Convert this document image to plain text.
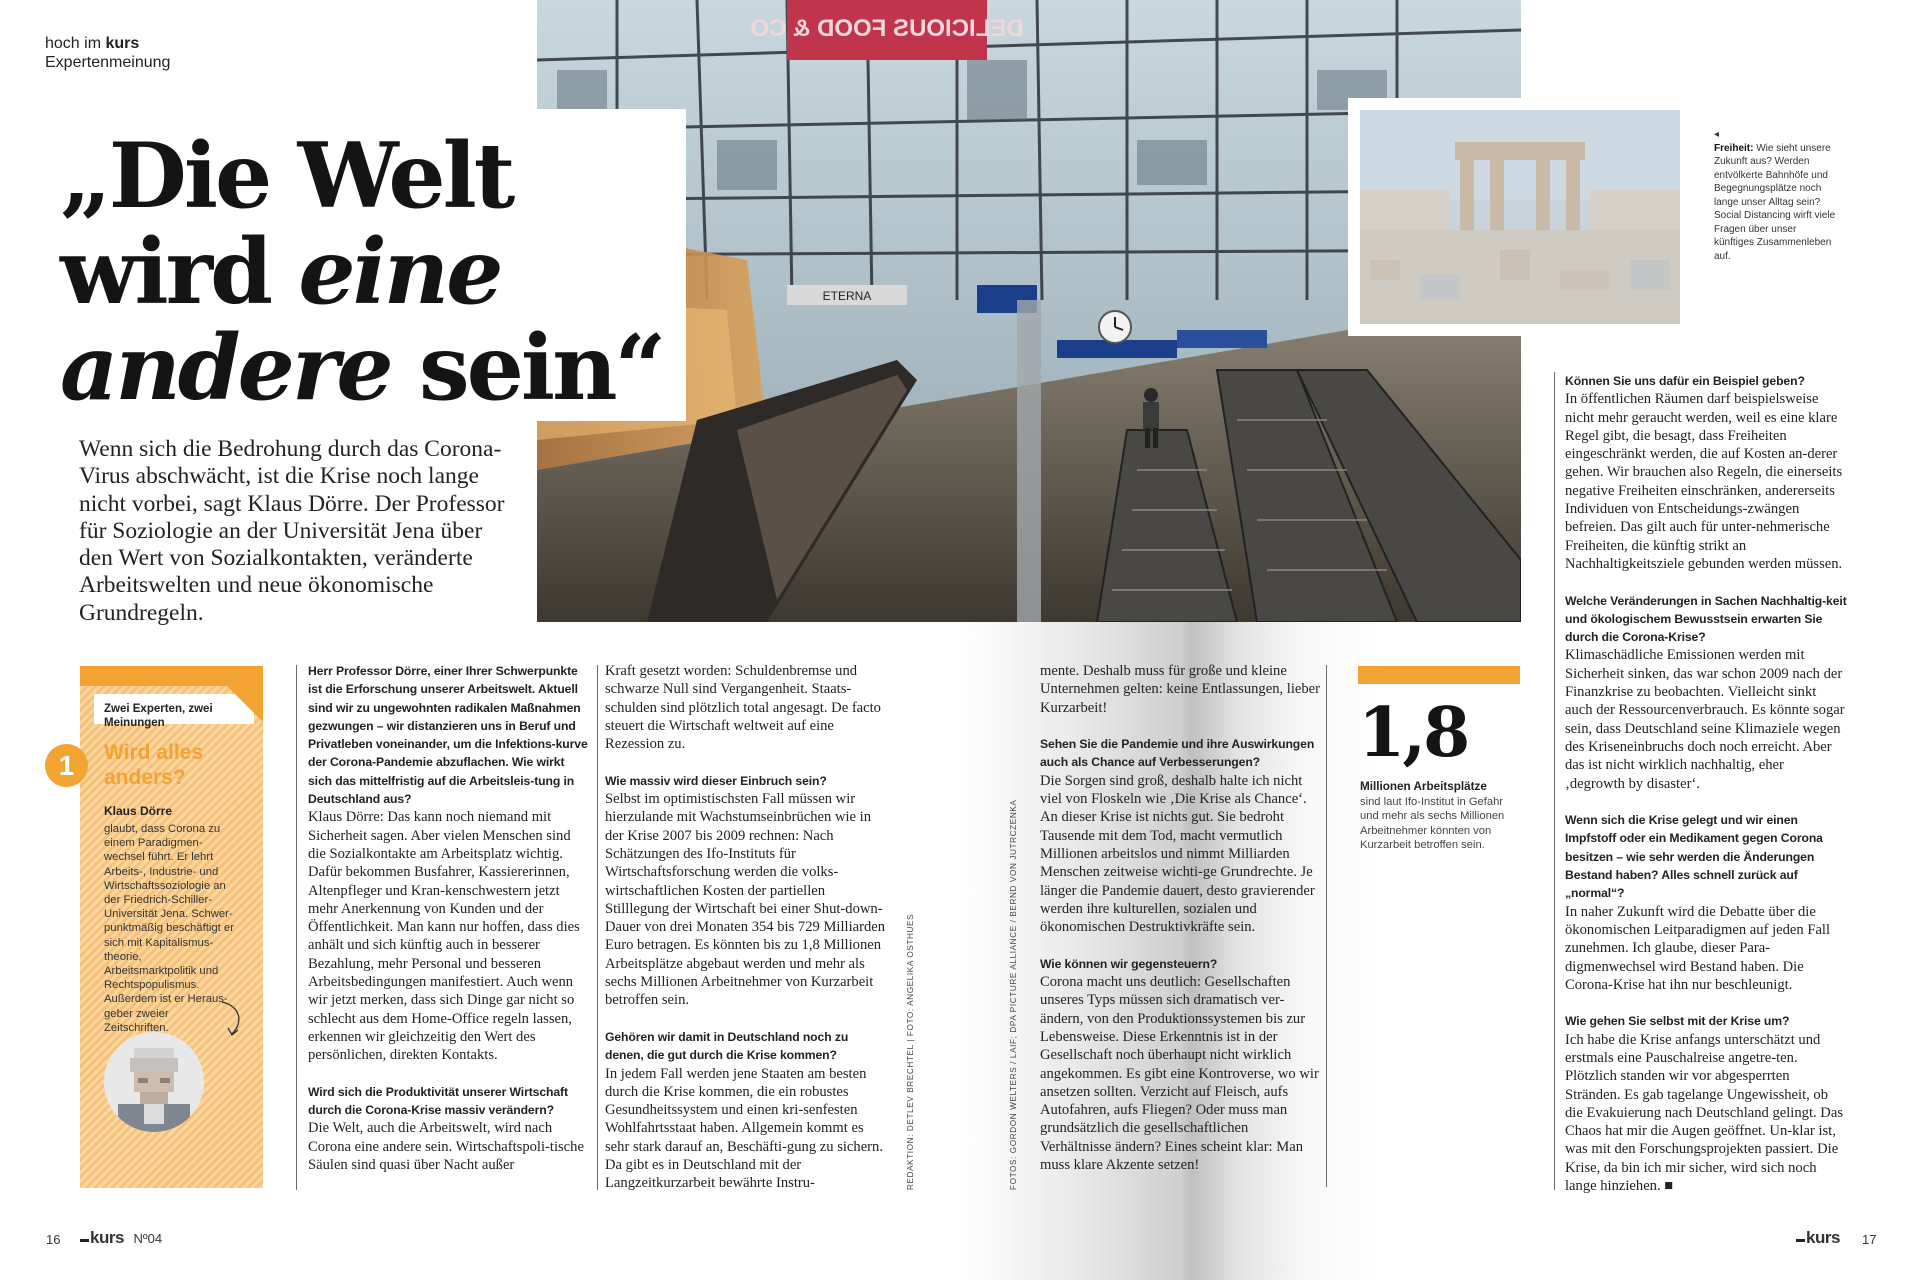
DELICIOUS FOOD & CO
ETERNA
hoch im kurs
Expertenmeinung
„Die Welt
wird eine
andere sein“
Wenn sich die Bedrohung durch das Corona-Virus abschwächt, ist die Krise noch lange nicht vorbei, sagt Klaus Dörre. Der Professor für Soziologie an der Universität Jena über den Wert von Sozialkontakten, veränderte Arbeitswelten und neue ökonomische Grundregeln.
Zwei Experten, zwei Meinungen
1	Wird alles anders?
Klaus Dörre
glaubt, dass Corona zu einem Paradigmen-wechsel führt. Er lehrt Arbeits-, Industrie- und Wirtschaftssoziologie an der Friedrich-Schiller-Universität Jena. Schwer-punktmäßig beschäftigt er sich mit Kapitalismus-theorie, Arbeitsmarktpolitik und Rechtspopulismus. Außerdem ist er Heraus-geber zweier Zeitschriften.

Herr Professor Dörre, einer Ihrer Schwerpunkte ist die Erforschung unserer Arbeitswelt. Aktuell sind wir zu ungewohnten radikalen Maßnahmen gezwungen – wir distanzieren uns in Beruf und Privatleben voneinander, um die Infektions-kurve der Corona-Pandemie abzuflachen. Wie wirkt sich das mittelfristig auf die Arbeitsleis-tung in Deutschland aus?
Klaus Dörre: Das kann noch niemand mit Sicherheit sagen. Aber vielen Menschen sind die Sozialkontakte am Arbeitsplatz wichtig. Dafür bekommen Busfahrer, Kassiererinnen, Altenpfleger und Kran-kenschwestern jetzt mehr Anerkennung von Kunden und der Öffentlichkeit. Man kann nur hoffen, dass dies anhält und sich künftig auch in besserer Bezahlung, mehr Personal und besseren Arbeitsbedingungen manifestiert. Auch wenn wir jetzt merken, dass sich Dinge gar nicht so schlecht aus dem Home-Office regeln lassen, erkennen wir gleichzeitig den Wert des persönlichen, direkten Kontakts.

Wird sich die Produktivität unserer Wirtschaft durch die Corona-Krise massiv verändern?
Die Welt, auch die Arbeitswelt, wird nach Corona eine andere sein. Wirtschaftspoli-tische Säulen sind quasi über Nacht außer

Kraft gesetzt worden: Schuldenbremse und schwarze Null sind Vergangenheit. Staats-schulden sind plötzlich total angesagt. De facto steuert die Wirtschaft weltweit auf eine Rezession zu.

Wie massiv wird dieser Einbruch sein?
Selbst im optimistischsten Fall müssen wir hierzulande mit Wachstumseinbrüchen wie in der Krise 2007 bis 2009 rechnen: Nach Schätzungen des Ifo-Instituts für Wirtschaftsforschung werden die volks-wirtschaftlichen Kosten der partiellen Stilllegung der Wirtschaft bei einer Shut-down-Dauer von drei Monaten 354 bis 729 Milliarden Euro betragen. Es könnten bis zu 1,8 Millionen Arbeitsplätze abgebaut werden und mehr als sechs Millionen Arbeitnehmer von Kurzarbeit betroffen sein.

Gehören wir damit in Deutschland noch zu denen, die gut durch die Krise kommen?
In jedem Fall werden jene Staaten am besten durch die Krise kommen, die ein robustes Gesundheitssystem und einen kri-senfesten Wohlfahrtsstaat haben. Allgemein kommt es sehr stark darauf an, Beschäfti-gung zu sichern. Da gibt es in Deutschland mit der Langzeitkurzarbeit bewährte Instru-	REDAKTION: DETLEV BRECHTEL | FOTO: ANGELIKA OSTHUES	FOTOS: GORDON WELTERS / LAIF; DPA PICTURE ALLIANCE / BERND VON JUTRCZENKA

mente. Deshalb muss für große und kleine Unternehmen gelten: keine Entlassungen, lieber Kurzarbeit!

Sehen Sie die Pandemie und ihre Auswirkungen auch als Chance auf Verbesserungen?
Die Sorgen sind groß, deshalb halte ich nicht viel von Floskeln wie ‚Die Krise als Chance‘. An dieser Krise ist nichts gut. Sie bedroht Tausende mit dem Tod, macht vermutlich Millionen arbeitslos und nimmt Milliarden Menschen zeitweise wichti-ge Grundrechte. Je länger die Pandemie dauert, desto gravierender werden ihre kulturellen, sozialen und ökonomischen Destruktivkräfte sein.

Wie können wir gegensteuern?
Corona macht uns deutlich: Gesellschaften unseres Typs müssen sich dramatisch ver-ändern, von den Produktionssystemen bis zur Lebensweise. Diese Erkenntnis ist in der Gesellschaft noch überhaupt nicht wirklich angekommen. Es gibt eine Kontroverse, wo wir ansetzen sollten. Verzicht auf Fleisch, aufs Autofahren, aufs Fliegen? Oder muss man grundsätzlich die gesellschaftlichen Verhältnisse ändern? Eines scheint klar: Man muss klare Akzente setzen!

◂
Freiheit: Wie sieht unsere Zukunft aus? Werden entvölkerte Bahnhöfe und Begegnungsplätze noch lange unser Alltag sein? Social Distancing wirft viele Fragen über unser künftiges Zusammenleben auf.
1,8
Millionen Arbeitsplätze
sind laut Ifo-Institut in Gefahr und mehr als sechs Millionen Arbeitnehmer könnten von Kurzarbeit betroffen sein.

Können Sie uns dafür ein Beispiel geben?
In öffentlichen Räumen darf beispielsweise nicht mehr geraucht werden, weil es eine klare Regel gibt, die besagt, dass Freiheiten eingeschränkt werden, die auf Kosten an-derer gehen. Wir brauchen also Regeln, die einerseits negative Freiheiten einschränken, andererseits Individuen von Entscheidungs-zwängen befreien. Das gilt auch für unter-nehmerische Freiheiten, die künftig strikt an Nachhaltigkeitsziele gebunden werden müssen.

Welche Veränderungen in Sachen Nachhaltig-keit und ökologischem Bewusstsein erwarten Sie durch die Corona-Krise?
Klimaschädliche Emissionen werden mit Sicherheit sinken, das war schon 2009 nach der Finanzkrise zu beobachten. Vielleicht sinkt auch der Ressourcenverbrauch. Es könnte sogar sein, dass Deutschland seine Klimaziele wegen des Kriseneinbruchs doch noch erreicht. Aber das ist nicht wirklich nachhaltig, eher ‚degrowth by disaster‘.

Wenn sich die Krise gelegt und wir einen Impfstoff oder ein Medikament gegen Corona besitzen – wie sehr werden die Änderungen Bestand haben? Alles schnell zurück auf „normal“?
In naher Zukunft wird die Debatte über die ökonomischen Leitparadigmen auf jeden Fall zunehmen. Ich glaube, dieser Para-digmenwechsel wird Bestand haben. Die Corona-Krise hat ihn nur beschleunigt.

Wie gehen Sie selbst mit der Krise um?
Ich habe die Krise anfangs unterschätzt und erstmals eine Pauschalreise angetre-ten. Plötzlich standen wir vor abgesperrten Stränden. Es gab tagelange Ungewissheit, ob die Evakuierung nach Deutschland gelingt. Das Chaos hat mir die Augen geöffnet. Un-klar ist, was mit den Forschungsprojekten passiert. Die Krise, da bin ich mir sicher, wird sich noch lange hinziehen. ■

16	kurs Nº04	kurs 17
